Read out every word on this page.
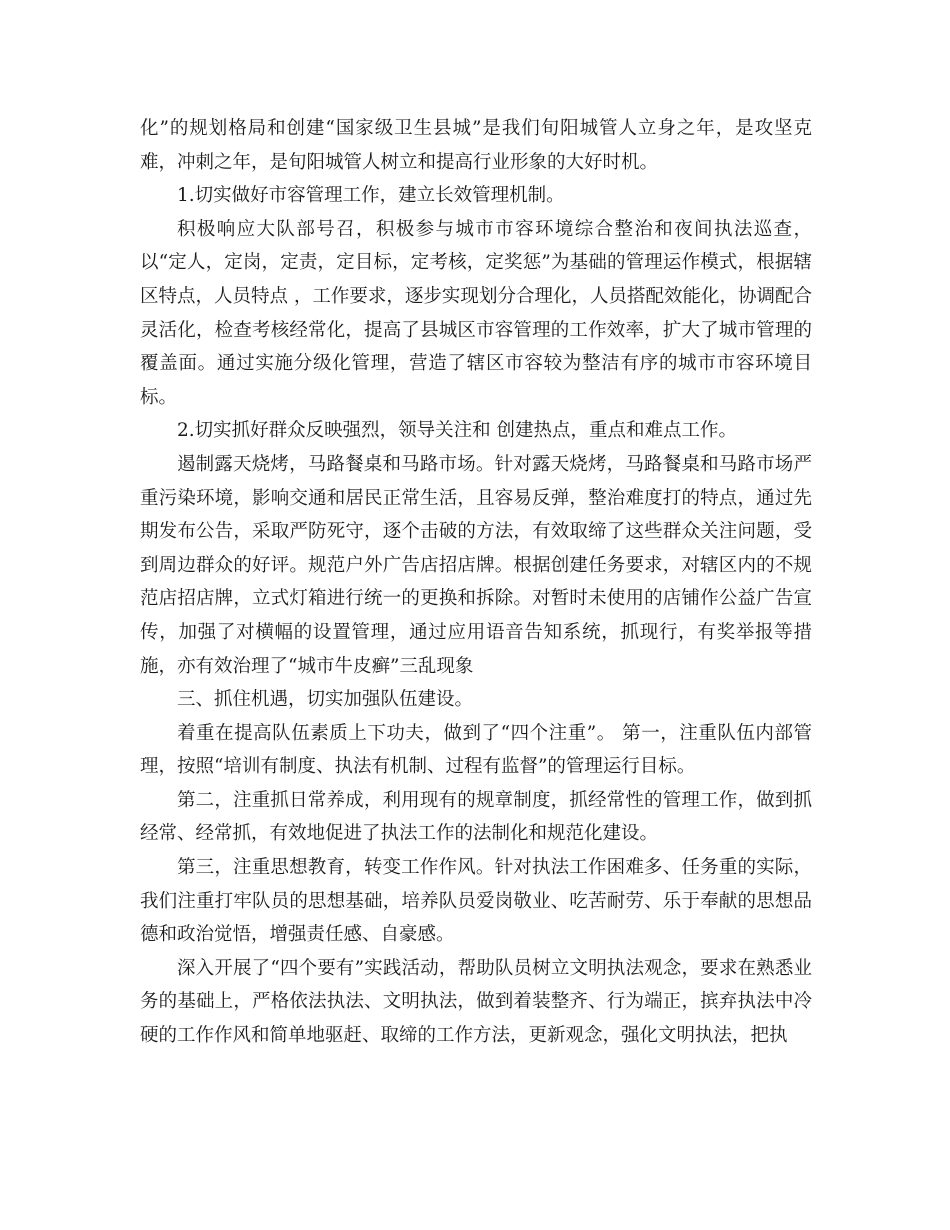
化”的规划格局和创建“国家级卫生县城”是我们旬阳城管人立身之年，是攻坚克难，冲刺之年，是旬阳城管人树立和提高行业形象的大好时机。

1.切实做好市容管理工作，建立长效管理机制。

积极响应大队部号召，积极参与城市市容环境综合整治和夜间执法巡查，以“定人，定岗，定责，定目标，定考核，定奖惩”为基础的管理运作模式，根据辖区特点，人员特点 ，工作要求，逐步实现划分合理化，人员搭配效能化，协调配合灵活化，检查考核经常化，提高了县城区市容管理的工作效率，扩大了城市管理的覆盖面。通过实施分级化管理，营造了辖区市容较为整洁有序的城市市容环境目标。

2.切实抓好群众反映强烈，领导关注和 创建热点，重点和难点工作。

遏制露天烧烤，马路餐桌和马路市场。针对露天烧烤，马路餐桌和马路市场严重污染环境，影响交通和居民正常生活，且容易反弹，整治难度打的特点，通过先期发布公告，采取严防死守，逐个击破的方法，有效取缔了这些群众关注问题，受到周边群众的好评。规范户外广告店招店牌。根据创建任务要求，对辖区内的不规范店招店牌，立式灯箱进行统一的更换和拆除。对暂时未使用的店铺作公益广告宣传，加强了对横幅的设置管理，通过应用语音告知系统，抓现行，有奖举报等措施，亦有效治理了“城市牛皮癣”三乱现象

三、抓住机遇，切实加强队伍建设。

着重在提高队伍素质上下功夫，做到了“四个注重”。 第一，注重队伍内部管理，按照“培训有制度、执法有机制、过程有监督”的管理运行目标。

第二，注重抓日常养成，利用现有的规章制度，抓经常性的管理工作，做到抓经常、经常抓，有效地促进了执法工作的法制化和规范化建设。

第三，注重思想教育，转变工作作风。针对执法工作困难多、任务重的实际，我们注重打牢队员的思想基础，培养队员爱岗敬业、吃苦耐劳、乐于奉献的思想品德和政治觉悟，增强责任感、自豪感。

深入开展了“四个要有”实践活动，帮助队员树立文明执法观念，要求在熟悉业务的基础上，严格依法执法、文明执法，做到着装整齐、行为端正，摈弃执法中冷硬的工作作风和简单地驱赶、取缔的工作方法，更新观念，强化文明执法，把执
